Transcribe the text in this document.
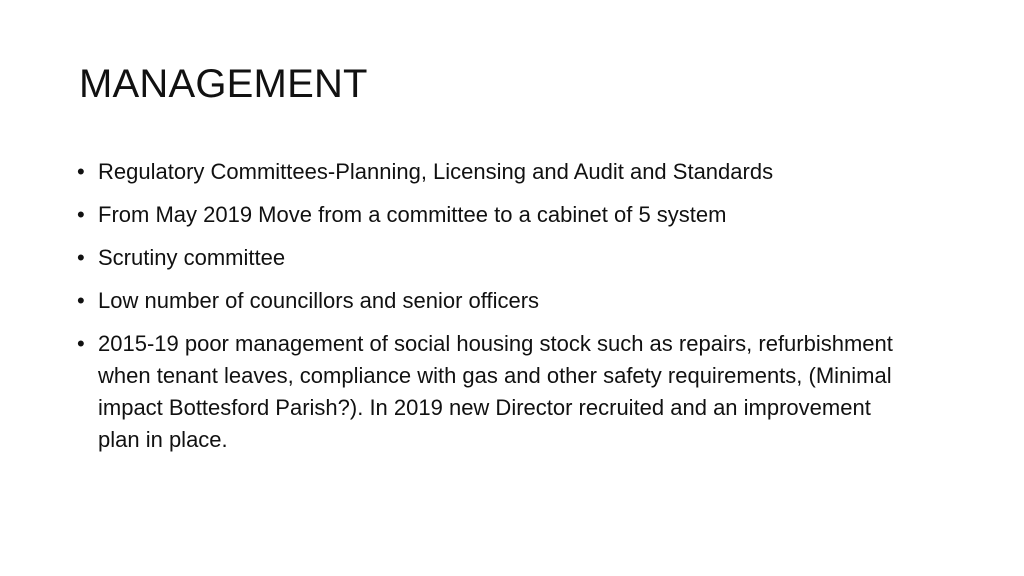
MANAGEMENT
• Regulatory Committees-Planning, Licensing and Audit and Standards
• From May 2019 Move from a committee to a cabinet of 5 system
• Scrutiny committee
• Low number of councillors and senior officers
• 2015-19 poor management of social housing stock such as repairs, refurbishment when tenant leaves, compliance with gas and other safety requirements, (Minimal impact Bottesford Parish?). In 2019 new Director recruited and an improvement plan in place.
